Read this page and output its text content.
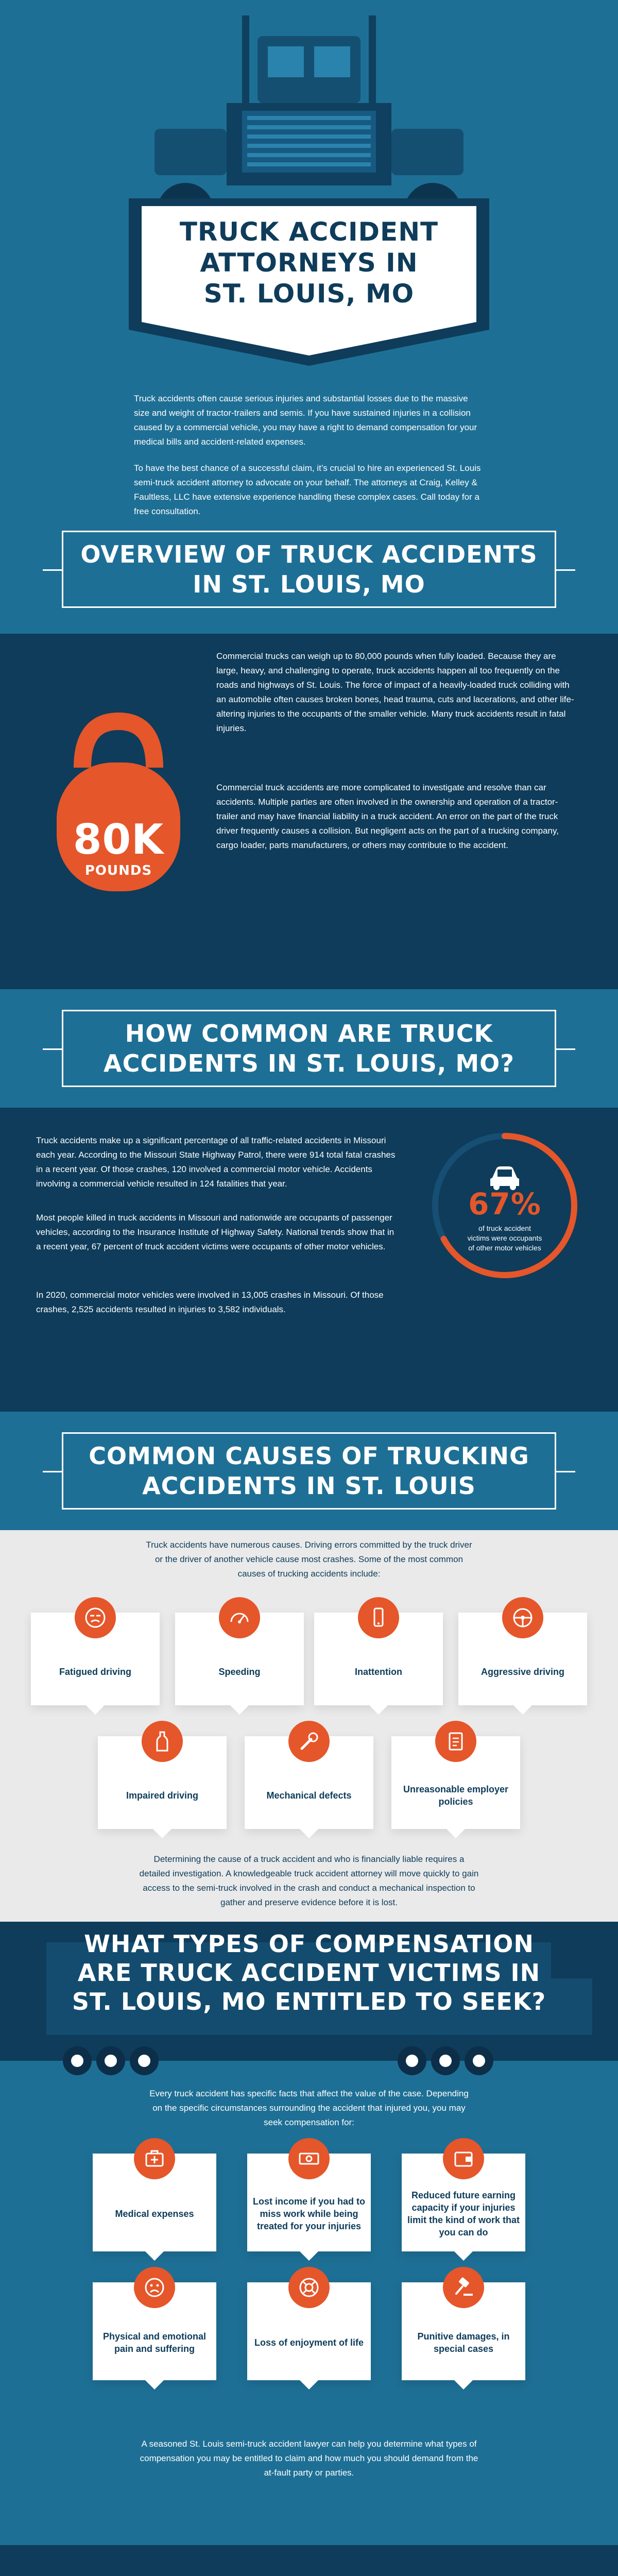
TRUCK ACCIDENT
ATTORNEYS IN
ST. LOUIS, MO

Truck accidents often cause serious injuries and substantial losses due to the massive size and weight of tractor-trailers and semis. If you have sustained injuries in a collision caused by a commercial vehicle, you may have a right to demand compensation for your medical bills and accident-related expenses.

To have the best chance of a successful claim, it’s crucial to hire an experienced St. Louis semi-truck accident attorney to advocate on your behalf. The attorneys at Craig, Kelley & Faultless, LLC have extensive experience handling these complex cases. Call today for a free consultation.

OVERVIEW OF TRUCK ACCIDENTS
IN ST. LOUIS, MO
80K
POUNDS

Commercial trucks can weigh up to 80,000 pounds when fully loaded. Because they are large, heavy, and challenging to operate, truck accidents happen all too frequently on the roads and highways of St. Louis. The force of impact of a heavily-loaded truck colliding with an automobile often causes broken bones, head trauma, cuts and lacerations, and other life-altering injuries to the occupants of the smaller vehicle. Many truck accidents result in fatal injuries.

Commercial truck accidents are more complicated to investigate and resolve than car accidents. Multiple parties are often involved in the ownership and operation of a tractor-trailer and may have financial liability in a truck accident. An error on the part of the truck driver frequently causes a collision. But negligent acts on the part of a trucking company, cargo loader, parts manufacturers, or others may contribute to the accident.

HOW COMMON ARE TRUCK
ACCIDENTS IN ST. LOUIS, MO?

Truck accidents make up a significant percentage of all traffic-related accidents in Missouri each year. According to the Missouri State Highway Patrol, there were 914 total fatal crashes in a recent year. Of those crashes, 120 involved a commercial motor vehicle. Accidents involving a commercial vehicle resulted in 124 fatalities that year.

Most people killed in truck accidents in Missouri and nationwide are occupants of passenger vehicles, according to the Insurance Institute of Highway Safety. National trends show that in a recent year, 67 percent of truck accident victims were occupants of other motor vehicles.

In 2020, commercial motor vehicles were involved in 13,005 crashes in Missouri. Of those crashes, 2,525 accidents resulted in injuries to 3,582 individuals.

67%
of truck accident
victims were occupants
of other motor vehicles
COMMON CAUSES OF TRUCKING
ACCIDENTS IN ST. LOUIS

Truck accidents have numerous causes. Driving errors committed by the truck driver or the driver of another vehicle cause most crashes. Some of the most common causes of trucking accidents include:

Fatigued driving	Speeding	Inattention	Aggressive driving
Impaired driving	Mechanical defects
Unreasonable employer policies

Determining the cause of a truck accident and who is financially liable requires a detailed investigation. A knowledgeable truck accident attorney will move quickly to gain access to the semi-truck involved in the crash and conduct a mechanical inspection to gather and preserve evidence before it is lost.

WHAT TYPES OF COMPENSATION
ARE TRUCK ACCIDENT VICTIMS IN
ST. LOUIS, MO ENTITLED TO SEEK?

Every truck accident has specific facts that affect the value of the case. Depending on the specific circumstances surrounding the accident that injured you, you may seek compensation for:

Medical expenses
Lost income if you had to miss work while being treated for your injuries
Reduced future earning capacity if your injuries limit the kind of work that you can do
Physical and emotional pain and suffering
Loss of enjoyment of life
Punitive damages, in special cases

A seasoned St. Louis semi-truck accident lawyer can help you determine what types of compensation you may be entitled to claim and how much you should demand from the at-fault party or parties.
